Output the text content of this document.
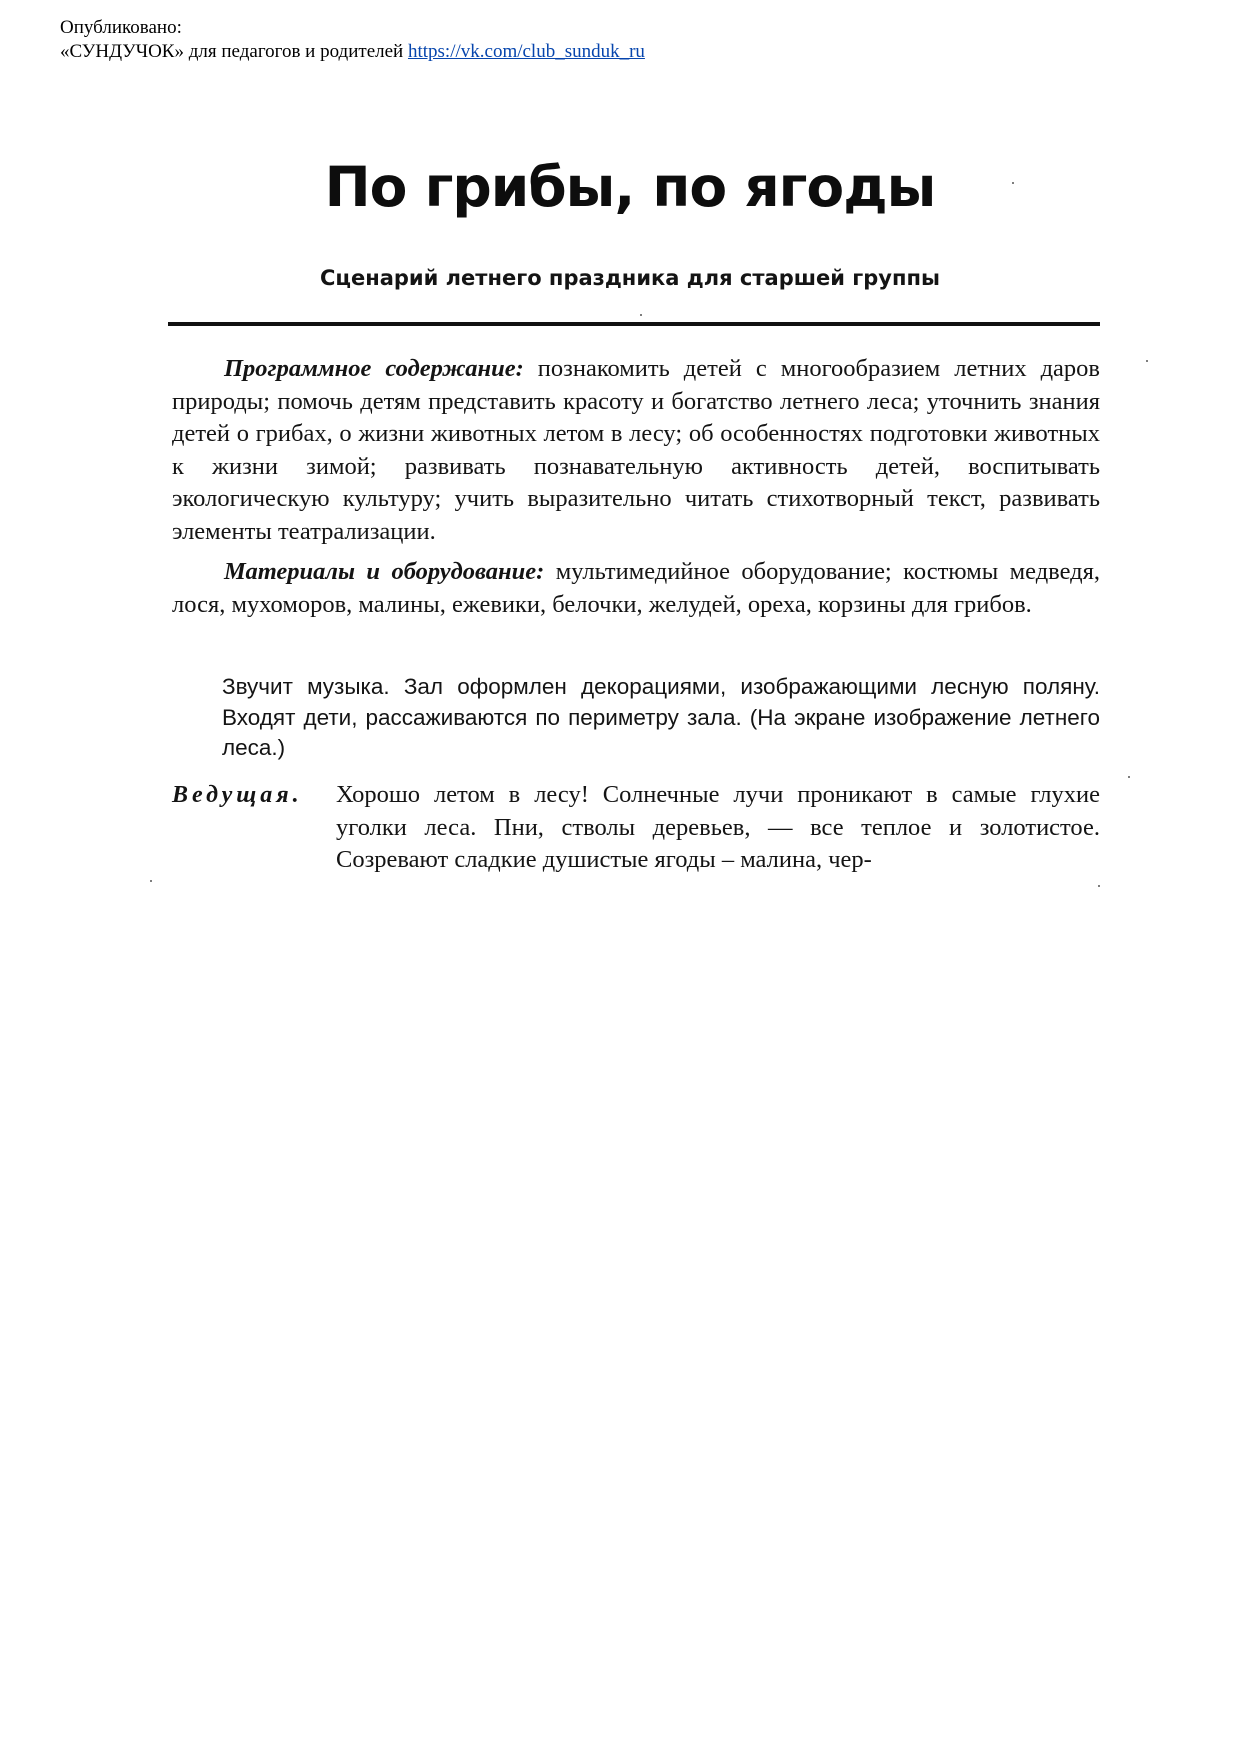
Опубликовано:
«СУНДУЧОК» для педагогов и родителей https://vk.com/club_sunduk_ru
По грибы, по ягоды
Сценарий летнего праздника для старшей группы

Программное содержание: познакомить детей с многообразием летних даров природы; помочь детям представить красоту и богатство летнего леса; уточнить знания детей о грибах, о жизни животных летом в лесу; об особенностях подготовки животных к жизни зимой; развивать познавательную активность детей, воспитывать экологическую культуру; учить выразительно читать стихотворный текст, развивать элементы театрализации.

Материалы и оборудование: мультимедийное оборудование; костюмы медведя, лося, мухоморов, малины, ежевики, белочки, желудей, ореха, корзины для грибов.

Звучит музыка. Зал оформлен декорациями, изображающими лесную поляну. Входят дети, рассаживаются по периметру зала. (На экране изображение летнего леса.)

Ведущая. Хорошо летом в лесу! Солнечные лучи проникают в самые глухие уголки леса. Пни, стволы деревьев, — все теплое и золотистое. Созревают сладкие душистые ягоды – малина, чер-
